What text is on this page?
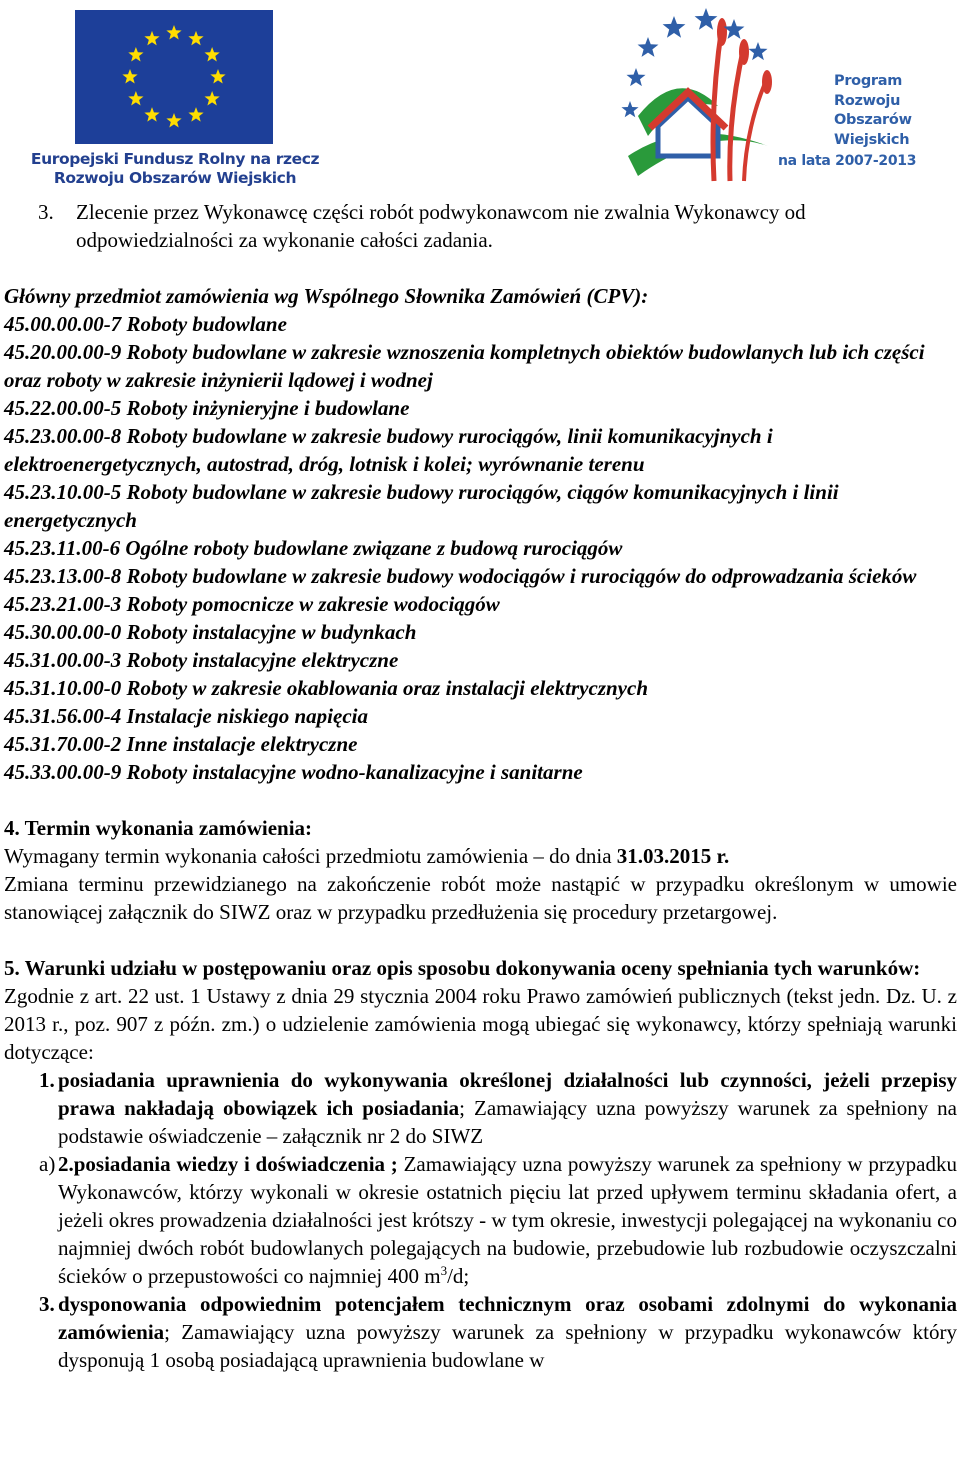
Europejski Fundusz Rolny na rzecz
Rozwoju Obszarów Wiejskich
Program
Rozwoju
Obszarów
Wiejskich
na lata 2007-2013
3.	Zlecenie przez Wykonawcę części robót podwykonawcom nie zwalnia Wykonawcy od odpowiedzialności za wykonanie całości zadania.

Główny przedmiot zamówienia wg Wspólnego Słownika Zamówień (CPV):

45.00.00.00-7 Roboty budowlane

45.20.00.00-9 Roboty budowlane w zakresie wznoszenia kompletnych obiektów budowlanych lub ich części oraz roboty w zakresie inżynierii lądowej i wodnej

45.22.00.00-5 Roboty inżynieryjne i budowlane

45.23.00.00-8 Roboty budowlane w zakresie budowy rurociągów, linii komunikacyjnych i elektroenergetycznych, autostrad, dróg, lotnisk i kolei; wyrównanie terenu

45.23.10.00-5 Roboty budowlane w zakresie budowy rurociągów, ciągów komunikacyjnych i linii energetycznych

45.23.11.00-6 Ogólne roboty budowlane związane z budową rurociągów

45.23.13.00-8 Roboty budowlane w zakresie budowy wodociągów i rurociągów do odprowadzania ścieków

45.23.21.00-3 Roboty pomocnicze w zakresie wodociągów

45.30.00.00-0 Roboty instalacyjne w budynkach

45.31.00.00-3 Roboty instalacyjne elektryczne

45.31.10.00-0 Roboty w zakresie okablowania oraz instalacji elektrycznych

45.31.56.00-4 Instalacje niskiego napięcia

45.31.70.00-2 Inne instalacje elektryczne

45.33.00.00-9 Roboty instalacyjne wodno-kanalizacyjne i sanitarne

4. Termin wykonania zamówienia:

Wymagany termin wykonania całości przedmiotu zamówienia – do dnia 31.03.2015 r.

Zmiana terminu przewidzianego na zakończenie robót może nastąpić w przypadku określonym w umowie stanowiącej załącznik do SIWZ oraz w przypadku przedłużenia się procedury przetargowej.

5. Warunki udziału w postępowaniu oraz opis sposobu dokonywania oceny spełniania tych warunków:

Zgodnie z art. 22 ust. 1 Ustawy z dnia 29 stycznia 2004 roku Prawo zamówień publicznych (tekst jedn. Dz. U. z 2013 r., poz. 907 z późn. zm.) o udzielenie zamówienia mogą ubiegać się wykonawcy, którzy spełniają warunki dotyczące:

1. posiadania uprawnienia do wykonywania określonej działalności lub czynności, jeżeli przepisy prawa nakładają obowiązek ich posiadania; Zamawiający uzna powyższy warunek za spełniony na podstawie oświadczenie – załącznik nr 2 do SIWZ
a) 2.posiadania wiedzy i doświadczenia ; Zamawiający uzna powyższy warunek za spełniony w przypadku Wykonawców, którzy wykonali w okresie ostatnich pięciu lat przed upływem terminu składania ofert, a jeżeli okres prowadzenia działalności jest krótszy - w tym okresie, inwestycji polegającej na wykonaniu co najmniej dwóch robót budowlanych polegających na budowie, przebudowie lub rozbudowie oczyszczalni ścieków o przepustowości co najmniej 400 $m^3/d$;
3. dysponowania odpowiednim potencjałem technicznym oraz osobami zdolnymi do wykonania zamówienia; Zamawiający uzna powyższy warunek za spełniony w przypadku wykonawców który dysponują 1 osobą posiadającą uprawnienia budowlane w
